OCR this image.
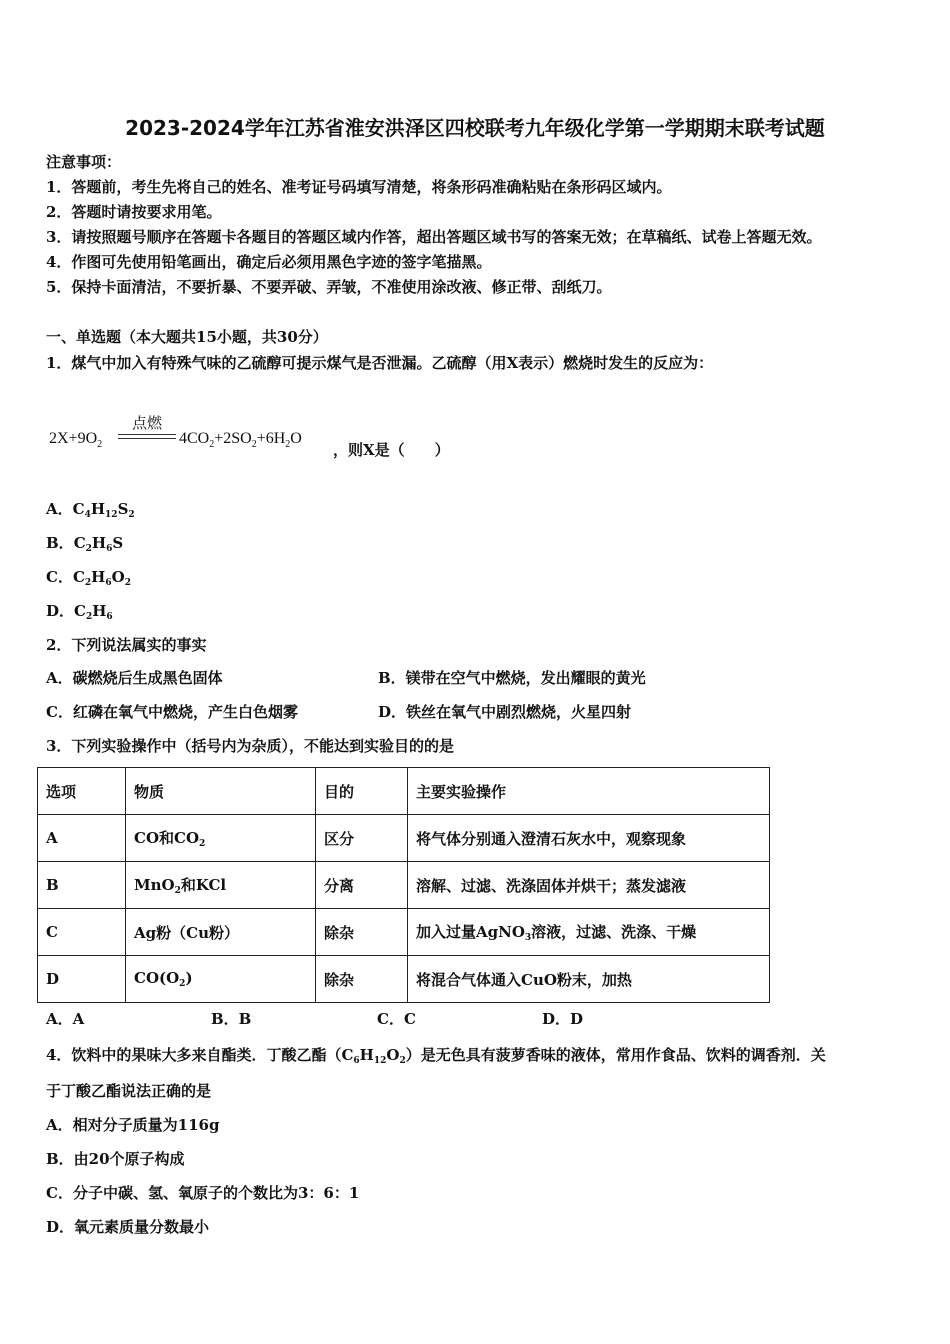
2023-2024学年江苏省淮安洪泽区四校联考九年级化学第一学期期末联考试题
注意事项：
1．答题前，考生先将自己的姓名、准考证号码填写清楚，将条形码准确粘贴在条形码区域内。
2．答题时请按要求用笔。
3．请按照题号顺序在答题卡各题目的答题区域内作答，超出答题区域书写的答案无效；在草稿纸、试卷上答题无效。
4．作图可先使用铅笔画出，确定后必须用黑色字迹的签字笔描黑。
5．保持卡面清洁，不要折暴、不要弄破、弄皱，不准使用涂改液、修正带、刮纸刀。
一、单选题（本大题共15小题，共30分）
1．煤气中加入有特殊气味的乙硫醇可提示煤气是否泄漏。乙硫醇（用X表示）燃烧时发生的反应为：
$2X+9O_2$
点燃
$4CO_2+2SO_2+6H_2O$
，则X是（　　）
A．$C_4H_{12}S_2$
B．$C_2H_6S$
C．$C_2H_6O_2$
D．$C_2H_6$
2．下列说法属实的事实
A．碳燃烧后生成黑色固体	B．镁带在空气中燃烧，发出耀眼的黄光
C．红磷在氧气中燃烧，产生白色烟雾	D．铁丝在氧气中剧烈燃烧，火星四射
3．下列实验操作中（括号内为杂质），不能达到实验目的的是
选项	物质	目的	主要实验操作
A	CO和$CO_2$	区分	将气体分别通入澄清石灰水中，观察现象
B	MnO$_2$和KCl	分离	溶解、过滤、洗涤固体并烘干；蒸发滤液
C	Ag粉（Cu粉）	除杂	加入过量AgNO$_3$溶液，过滤、洗涤、干燥
D	$CO(O_2)$	除杂	将混合气体通入CuO粉末，加热
A．A	B．B	C．C	D．D
4．饮料中的果味大多来自酯类．丁酸乙酯$(C_6H_{12}O_2)$是无色具有菠萝香味的液体，常用作食品、饮料的调香剂．关
于丁酸乙酯说法正确的是
A．相对分子质量为116g
B．由20个原子构成
C．分子中碳、氢、氧原子的个数比为3：6：1
D．氧元素质量分数最小
